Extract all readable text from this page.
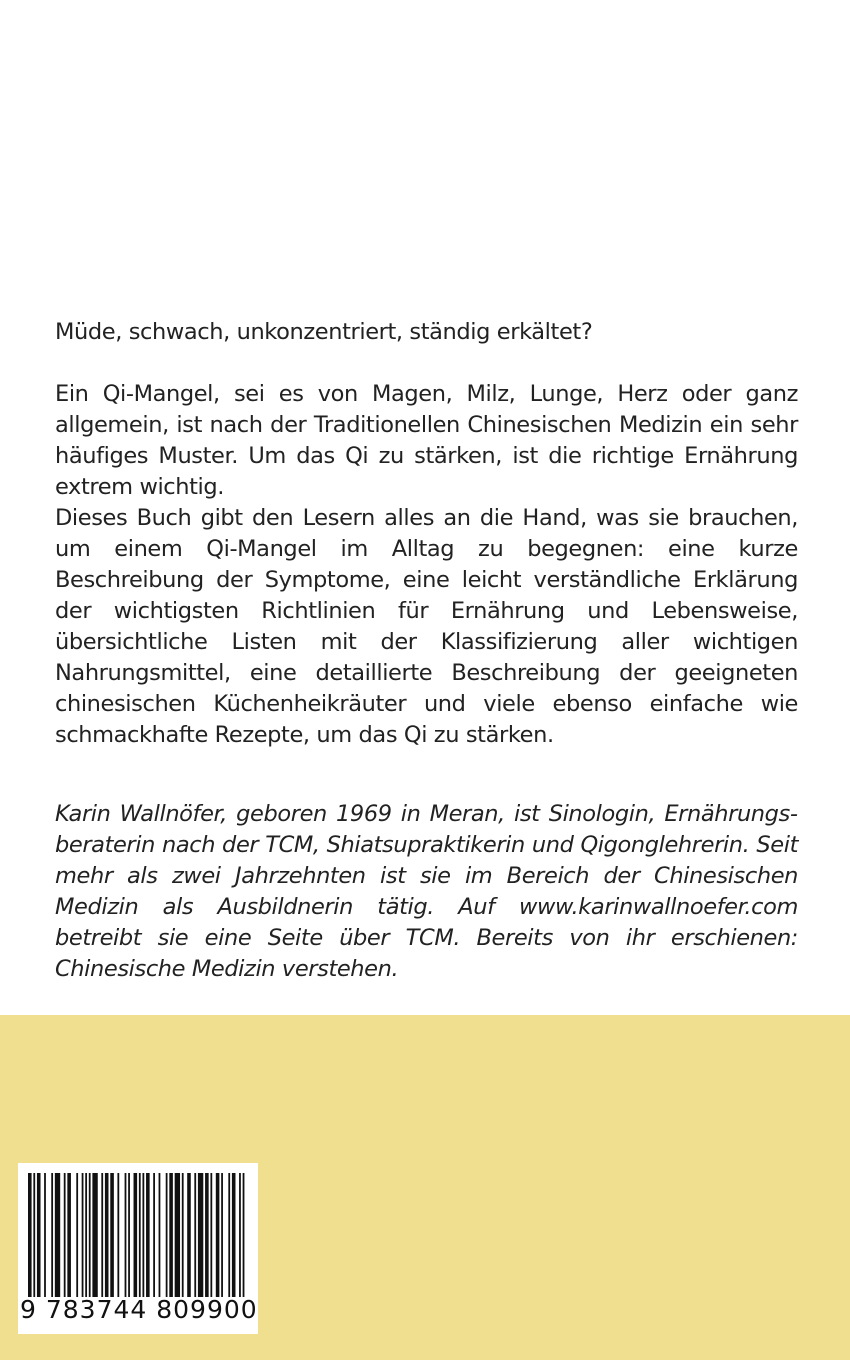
Müde, schwach, unkonzentriert, ständig erkältet?

Ein Qi-Mangel, sei es von Magen, Milz, Lunge, Herz oder ganz allgemein, ist nach der Traditionellen Chinesischen Medizin ein sehr häufiges Muster. Um das Qi zu stärken, ist die richtige Ernährung extrem wichtig.

Dieses Buch gibt den Lesern alles an die Hand, was sie brauchen, um einem Qi-Mangel im Alltag zu begegnen: eine kurze Beschreibung der Symptome, eine leicht verständliche Erklärung der wichtigsten Richtlinien für Ernährung und Lebensweise, übersichtliche Listen mit der Klassifizierung aller wichtigen Nahrungsmittel, eine detaillierte Beschreibung der geeigneten chinesischen Küchenheikräuter und viele ebenso einfache wie schmackhafte Rezepte, um das Qi zu stärken.

Karin Wallnöfer, geboren 1969 in Meran, ist Sinologin, Ernährungsberaterin nach der TCM, Shiatsupraktikerin und Qigonglehrerin. Seit mehr als zwei Jahrzehnten ist sie im Bereich der Chinesischen Medizin als Ausbildnerin tätig. Auf www.karinwallnoefer.com betreibt sie eine Seite über TCM. Bereits von ihr erschienen: Chinesische Medizin verstehen.

9 783744 809900
